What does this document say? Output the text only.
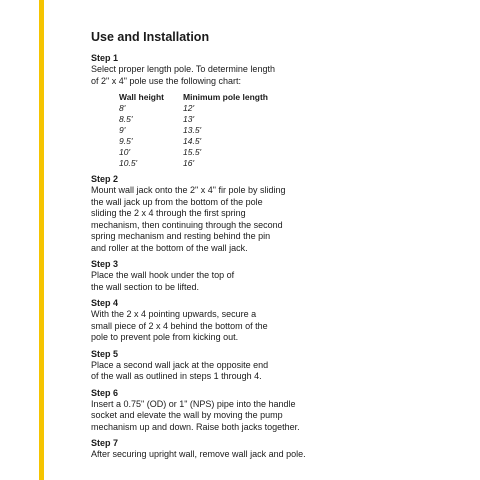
Use and Installation
Step 1
Select proper length pole. To determine length
of 2" x 4" pole use the following chart:
Wall height	Minimum pole length
8'	12'
8.5'	13'
9'	13.5'
9.5'	14.5'
10'	15.5'
10.5'	16'
Step 2
Mount wall jack onto the 2" x 4" fir pole by sliding
the wall jack up from the bottom of the pole
sliding the 2 x 4 through the first spring
mechanism, then continuing through the second
spring mechanism and resting behind the pin
and roller at the bottom of the wall jack.
Step 3
Place the wall hook under the top of
the wall section to be lifted.
Step 4
With the 2 x 4 pointing upwards, secure a
small piece of 2 x 4 behind the bottom of the
pole to prevent pole from kicking out.
Step 5
Place a second wall jack at the opposite end
of the wall as outlined in steps 1 through 4.
Step 6
Insert a 0.75" (OD) or 1" (NPS) pipe into the handle
socket and elevate the wall by moving the pump
mechanism up and down. Raise both jacks together.
Step 7
After securing upright wall, remove wall jack and pole.
